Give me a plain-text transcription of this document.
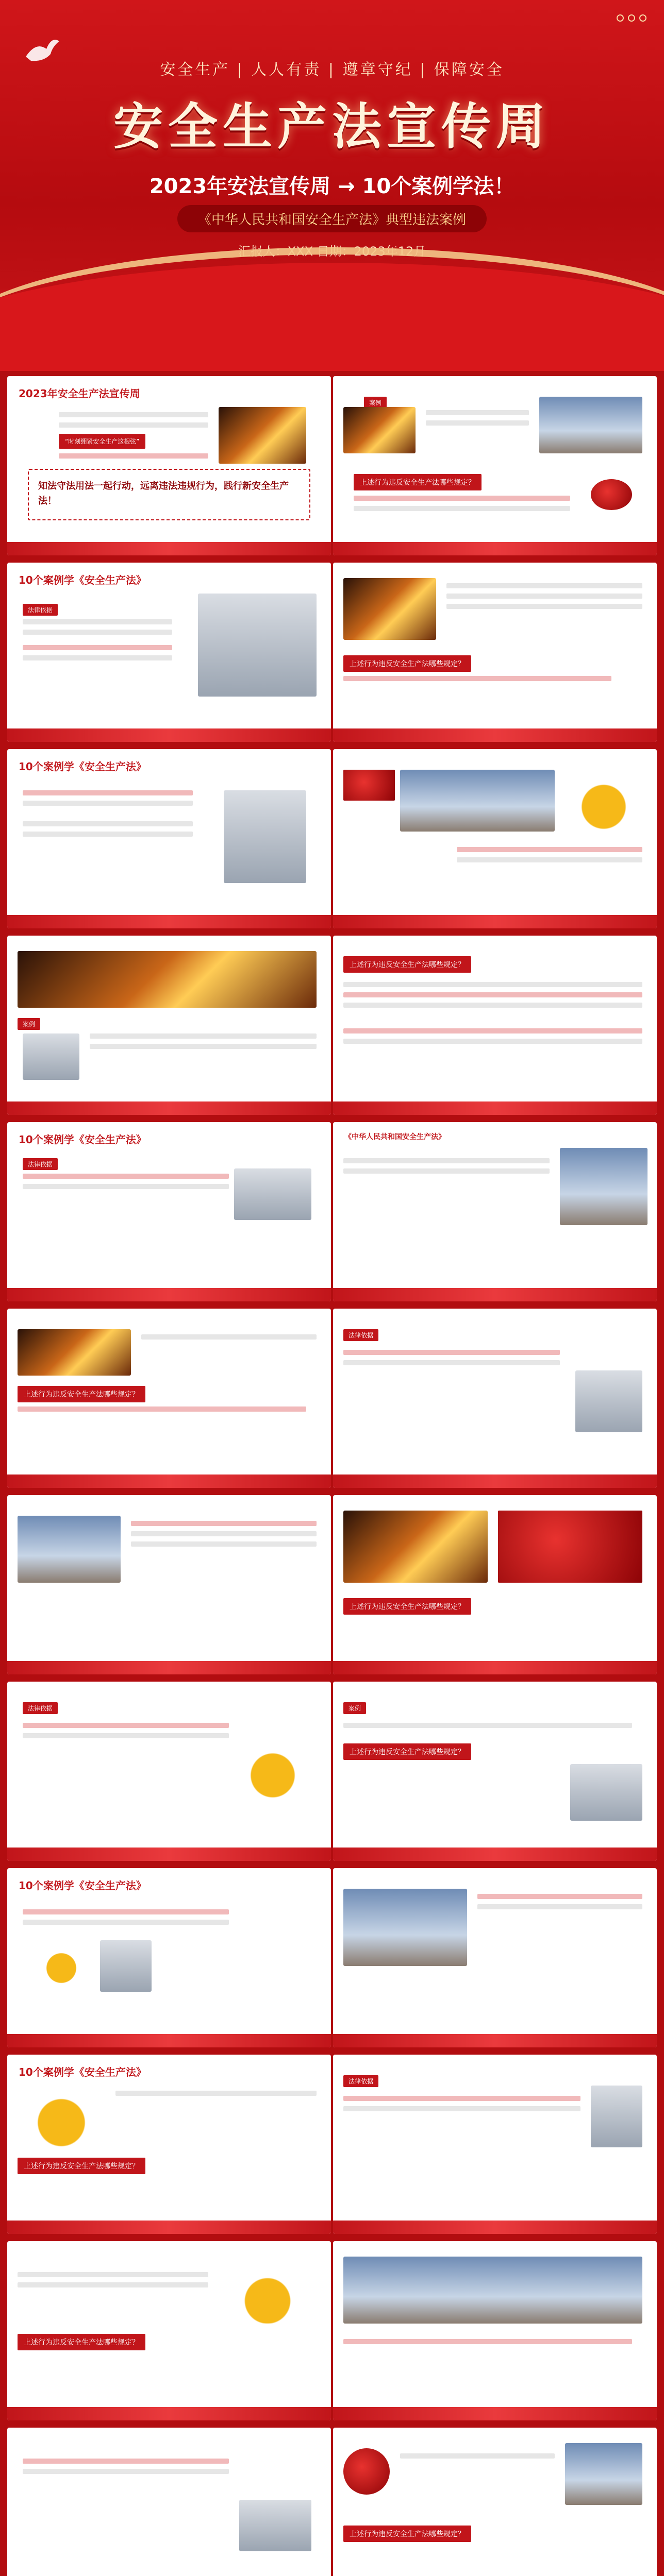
安全生产 | 人人有责 | 遵章守纪 | 保障安全
安全生产法宣传周
2023年安法宣传周 → 10个案例学法！
《中华人民共和国安全生产法》典型违法案例
汇报人：XXX 日期：2023年12月
2023年安全生产法宣传周
“时刻绷紧安全生产这根弦”
知法守法用法一起行动，远离违法违规行为，践行新安全生产法！
案例
上述行为违反安全生产法哪些规定？
10个案例学《安全生产法》
法律依据
上述行为违反安全生产法哪些规定？
10个案例学《安全生产法》
案例
上述行为违反安全生产法哪些规定？
10个案例学《安全生产法》
法律依据
《中华人民共和国安全生产法》
上述行为违反安全生产法哪些规定？
法律依据
上述行为违反安全生产法哪些规定？
法律依据	案例
上述行为违反安全生产法哪些规定？
10个案例学《安全生产法》
10个案例学《安全生产法》
上述行为违反安全生产法哪些规定？
法律依据
上述行为违反安全生产法哪些规定？
上述行为违反安全生产法哪些规定？
